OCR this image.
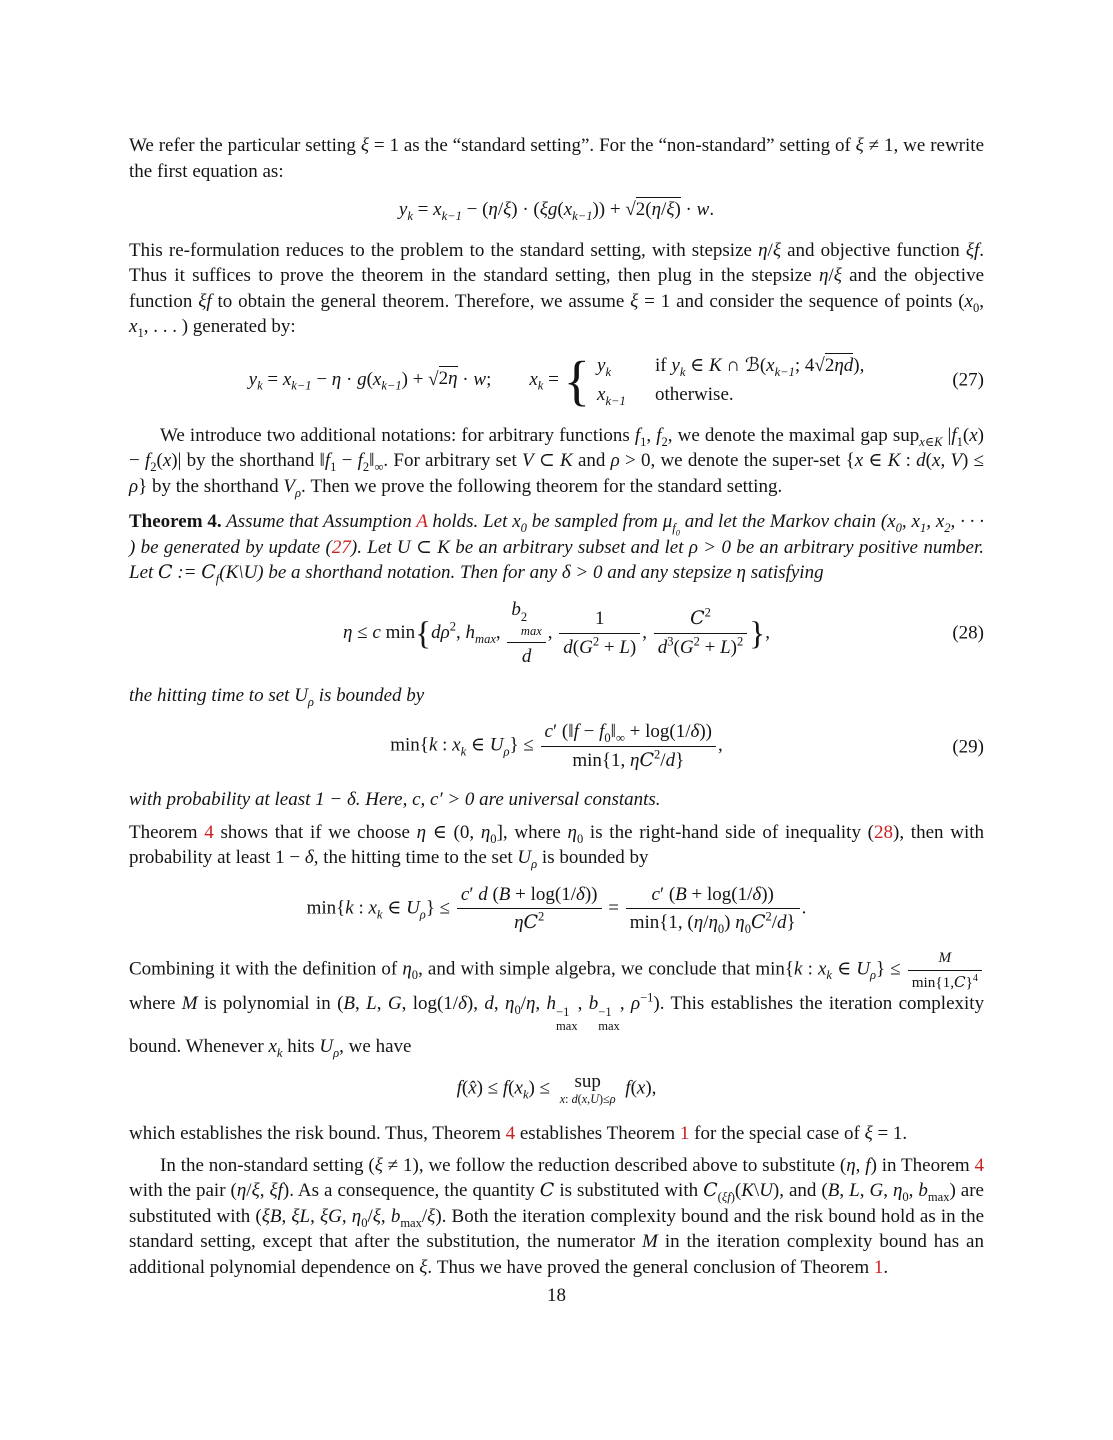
We refer the particular setting ξ = 1 as the “standard setting”. For the “non-standard” setting of ξ ≠ 1, we rewrite the first equation as:

$y_k = x_{k-1} - (\eta/\xi) \cdot (\xi g(x_{k-1})) + √2(\eta/\xi) \cdot w$.

This re-formulation reduces to the problem to the standard setting, with stepsize η/ξ and objective function ξf. Thus it suffices to prove the theorem in the standard setting, then plug in the stepsize η/ξ and the objective function ξf to obtain the general theorem. Therefore, we assume ξ = 1 and consider the sequence of points ($x_0$, $x_1$, . . . ) generated by:

$y_k = x_{k-1} - \eta \cdot g(x_{k-1}) + √2\eta \cdot w$;  $x_k$ = { $y_k$	if $y_k$ ∈ K ∩ $ℬ(x_{k-1}$; 4√2ηd),
$x_{k-1}$	otherwise.
(27)

We introduce two additional notations: for arbitrary functions $f_1$, $f_2$, we denote the maximal gap sup$_{x\in K}$ $|f_1(x) - f_2(x)|$ by the shorthand $‖f_1$ − $f_2‖_\infty$. For arbitrary set V ⊂ K and ρ > 0, we denote the super-set {x ∈ K : d(x, V) ≤ ρ} by the shorthand $V_\rho$. Then we prove the following theorem for the standard setting.

Theorem 4. Assume that Assumption A holds. Let $x_0$ be sampled from $\mu_{f_0}$ and let the Markov chain ($x_0$, $x_1$, $x_2$, · · · ) be generated by update (27). Let U ⊂ K be an arbitrary subset and let ρ > 0 be an arbitrary positive number. Let C := $C_f(K\backslash U)$ be a shorthand notation. Then for any δ > 0 and any stepsize η satisfying

η ≤ c $\min\{d\rho^2$, $h_{max}$, b 2
max
d , $\frac{1}{d(G^2 + L)}$ , $\frac{C^2}{d^3(G^2 + L)^2}$ },	(28)

the hitting time to set $U_\rho$ is bounded by

min{k : $x_k$ ∈ $U_\rho\} \le \frac{c' (‖f - f_0‖_\infty + \log(1/\delta))}{\min\{1, \eta C^2/d\}}$ ,	(29)

with probability at least 1 − δ. Here, c, c′ > 0 are universal constants.

Theorem 4 shows that if we choose η ∈ (0, $\eta_0$], where $\eta_0$ is the right-hand side of inequality (28), then with probability at least 1 − δ, the hitting time to the set $U_\rho$ is bounded by

min{k : $x_k$ ∈ $U_\rho\} \le \frac{c' d (B + \log(1/\delta))}{\eta C^2} = \frac{c' (B + \log(1/\delta))}{\min\{1, (\eta/\eta_0) \eta_0C^2/d\}}$ .

Combining it with the definition of $\eta_0$, and with simple algebra, we conclude that min{k : $x_k$ ∈ $U_\rho\} \le \frac{M}{\min\{1,C\}^4}$
where M is polynomial in (B, L, G, log(1/δ), d, $\eta_0/\eta$, h −1
max
, b −1
max
, $\rho^{-1}$). This establishes the iteration complexity bound. Whenever $x_k$ hits $U_\rho$, we have

f(x̂) ≤ $f(x_k)$ ≤ sup
x: d(x,U)≤ρ
f(x),

which establishes the risk bound. Thus, Theorem 4 establishes Theorem 1 for the special case of ξ = 1.

In the non-standard setting (ξ ≠ 1), we follow the reduction described above to substitute (η, f) in Theorem 4 with the pair (η/ξ, ξf). As a consequence, the quantity C is substituted with $C_{(\xi f)}(K\backslash U)$, and (B, L, G, $\eta_0$, $b_{max}$) are substituted with (ξB, ξL, ξG, $\eta_0/\xi$, $b_{max}/\xi$). Both the iteration complexity bound and the risk bound hold as in the standard setting, except that after the substitution, the numerator M in the iteration complexity bound has an additional polynomial dependence on ξ. Thus we have proved the general conclusion of Theorem 1.

18
